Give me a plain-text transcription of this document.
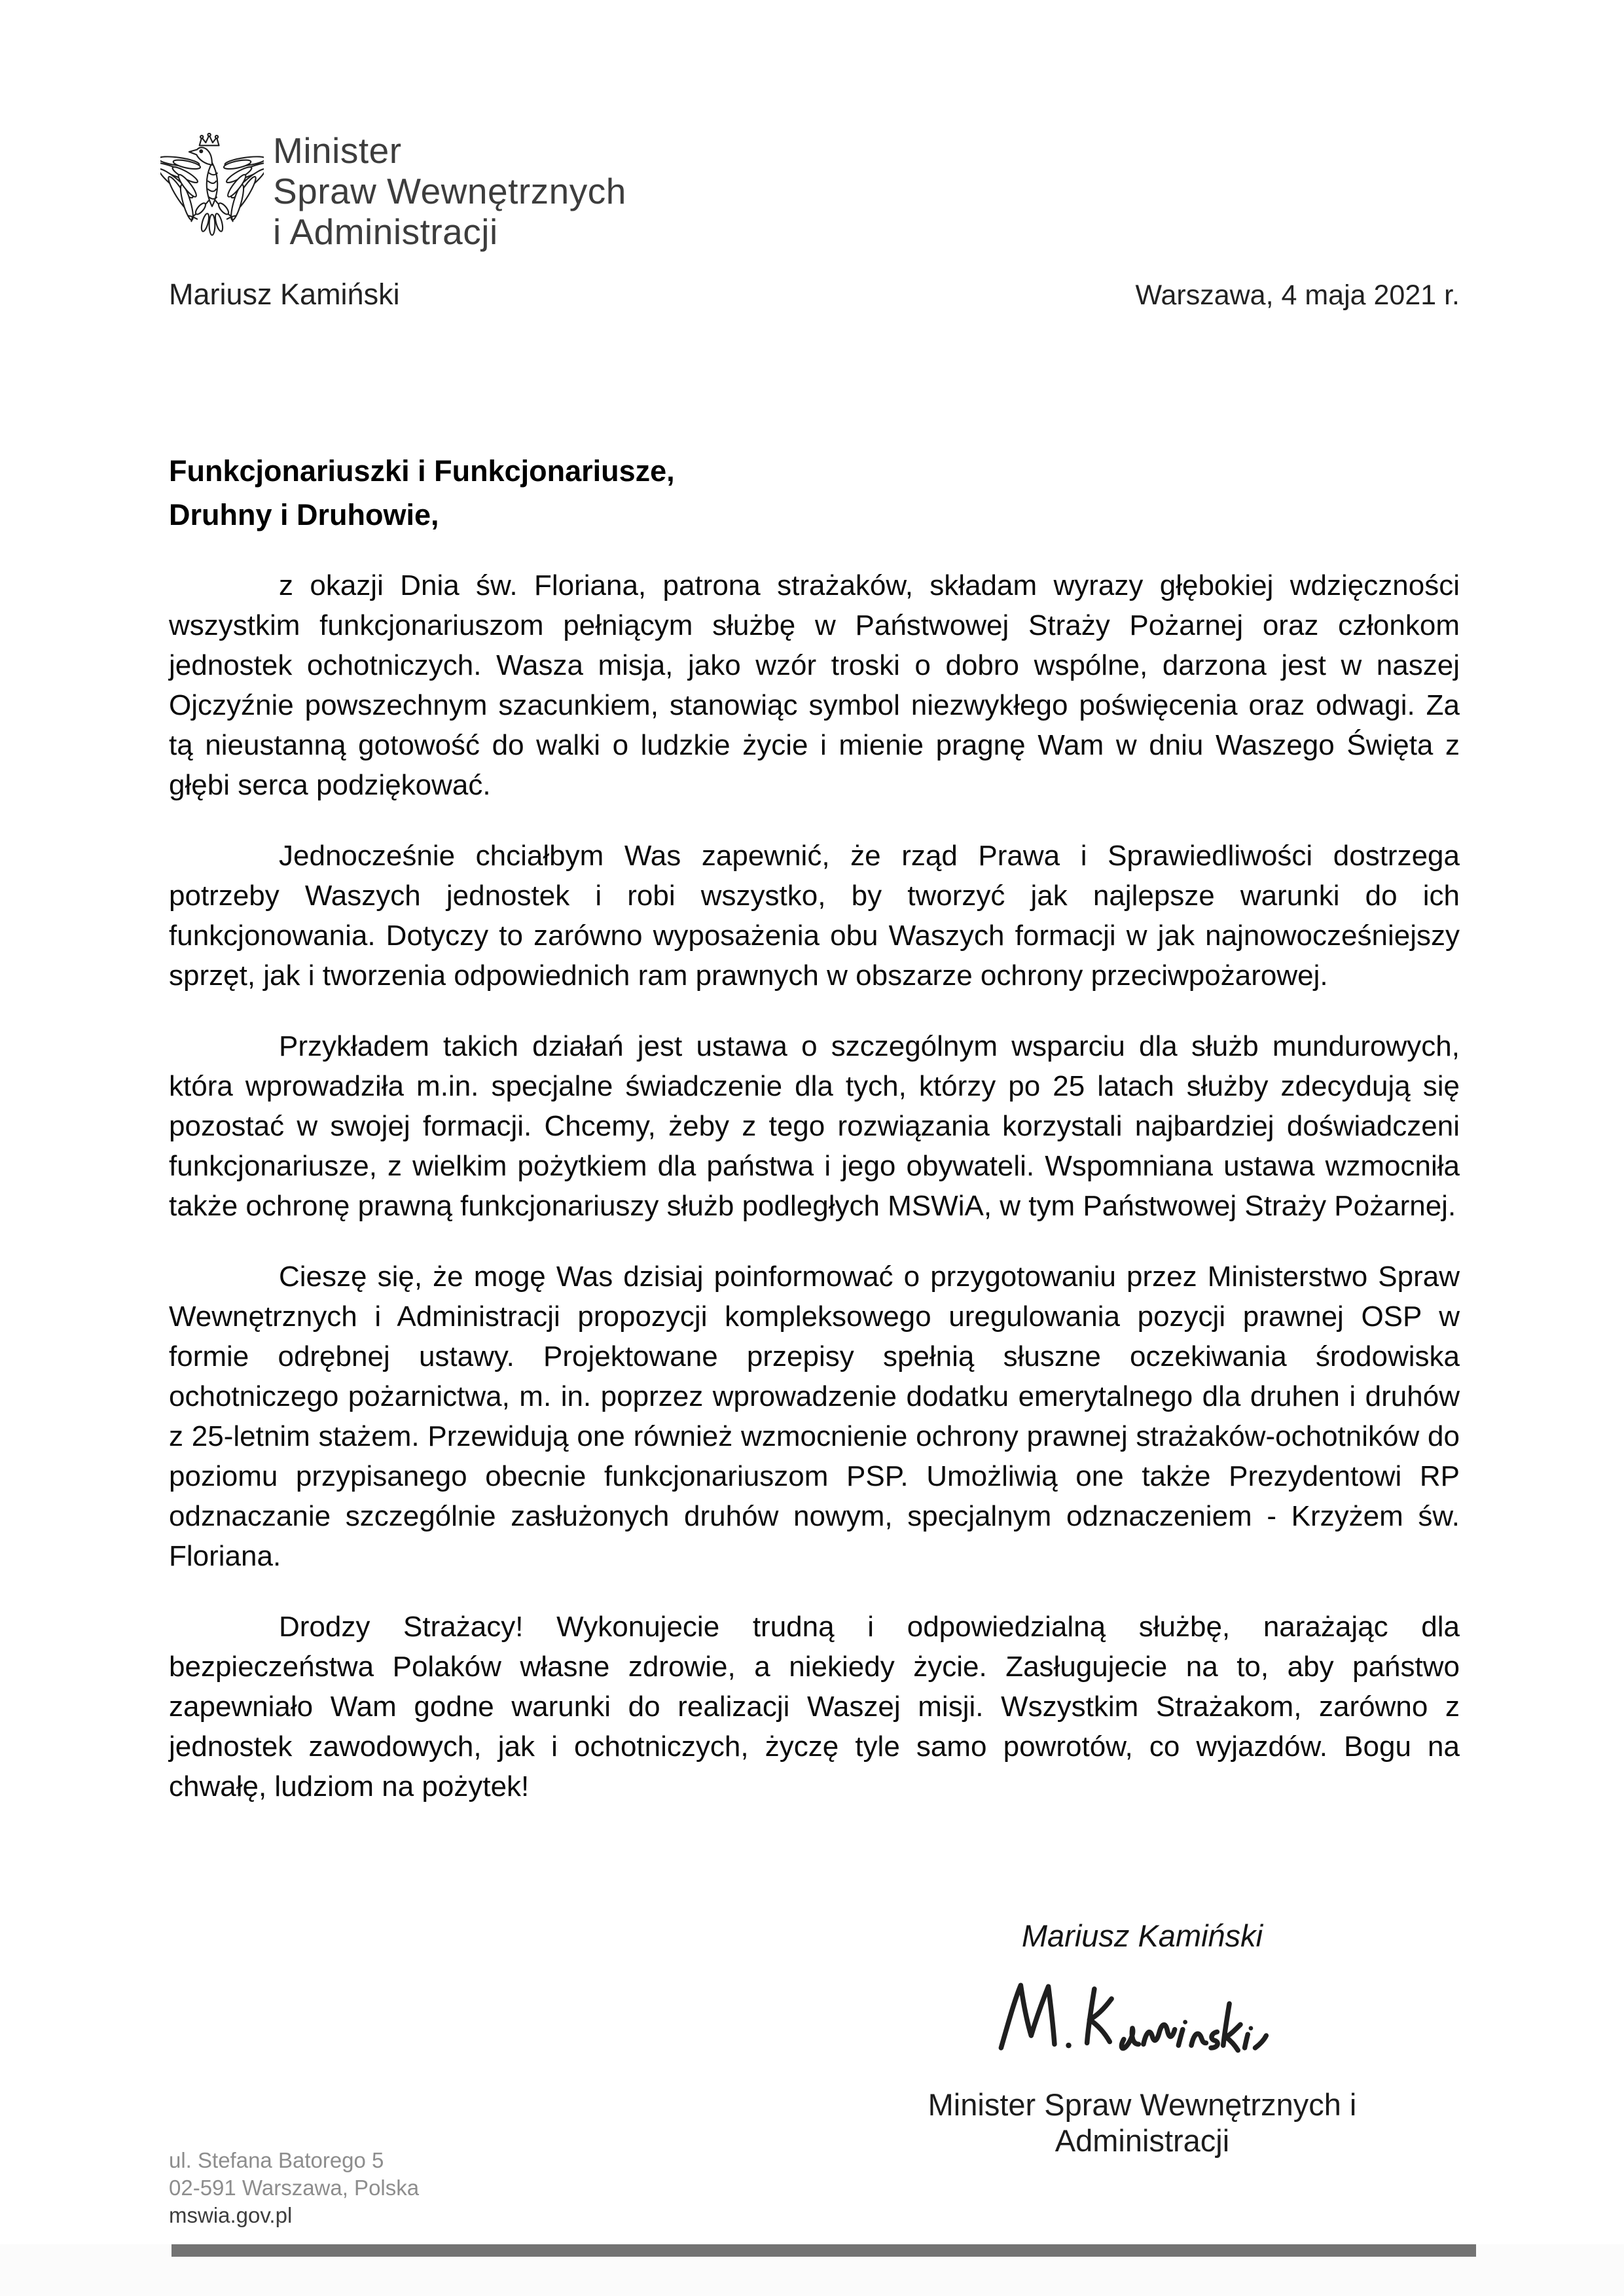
Minister
Spraw Wewnętrznych
i Administracji
Mariusz Kamiński	Warszawa, 4 maja 2021 r.
Funkcjonariuszki i Funkcjonariusze,
Druhny i Druhowie,

z okazji Dnia św. Floriana, patrona strażaków, składam wyrazy głębokiej wdzięczności wszystkim funkcjonariuszom pełniącym służbę w Państwowej Straży Pożarnej oraz członkom jednostek ochotniczych. Wasza misja, jako wzór troski o dobro wspólne, darzona jest w naszej Ojczyźnie powszechnym szacunkiem, stanowiąc symbol niezwykłego poświęcenia oraz odwagi. Za tą nieustanną gotowość do walki o ludzkie życie i mienie pragnę Wam w dniu Waszego Święta z głębi serca podziękować.

Jednocześnie chciałbym Was zapewnić, że rząd Prawa i Sprawiedliwości dostrzega potrzeby Waszych jednostek i robi wszystko, by tworzyć jak najlepsze warunki do ich funkcjonowania. Dotyczy to zarówno wyposażenia obu Waszych formacji w jak najnowocześniejszy sprzęt, jak i tworzenia odpowiednich ram prawnych w obszarze ochrony przeciwpożarowej.

Przykładem takich działań jest ustawa o szczególnym wsparciu dla służb mundurowych, która wprowadziła m.in. specjalne świadczenie dla tych, którzy po 25 latach służby zdecydują się pozostać w swojej formacji. Chcemy, żeby z tego rozwiązania korzystali najbardziej doświadczeni funkcjonariusze, z wielkim pożytkiem dla państwa i jego obywateli. Wspomniana ustawa wzmocniła także ochronę prawną funkcjonariuszy służb podległych MSWiA, w tym Państwowej Straży Pożarnej.

Cieszę się, że mogę Was dzisiaj poinformować o przygotowaniu przez Ministerstwo Spraw Wewnętrznych i Administracji propozycji kompleksowego uregulowania pozycji prawnej OSP w formie odrębnej ustawy. Projektowane przepisy spełnią słuszne oczekiwania środowiska ochotniczego pożarnictwa, m. in. poprzez wprowadzenie dodatku emerytalnego dla druhen i druhów z 25-letnim stażem. Przewidują one również wzmocnienie ochrony prawnej strażaków-ochotników do poziomu przypisanego obecnie funkcjonariuszom PSP. Umożliwią one także Prezydentowi RP odznaczanie szczególnie zasłużonych druhów nowym, specjalnym odznaczeniem - Krzyżem św. Floriana.

Drodzy Strażacy! Wykonujecie trudną i odpowiedzialną służbę, narażając dla bezpieczeństwa Polaków własne zdrowie, a niekiedy życie. Zasługujecie na to, aby państwo zapewniało Wam godne warunki do realizacji Waszej misji. Wszystkim Strażakom, zarówno z jednostek zawodowych, jak i ochotniczych, życzę tyle samo powrotów, co wyjazdów. Bogu na chwałę, ludziom na pożytek!

Mariusz Kamiński
Minister Spraw Wewnętrznych i Administracji
ul. Stefana Batorego 5
02-591 Warszawa, Polska
mswia.gov.pl
